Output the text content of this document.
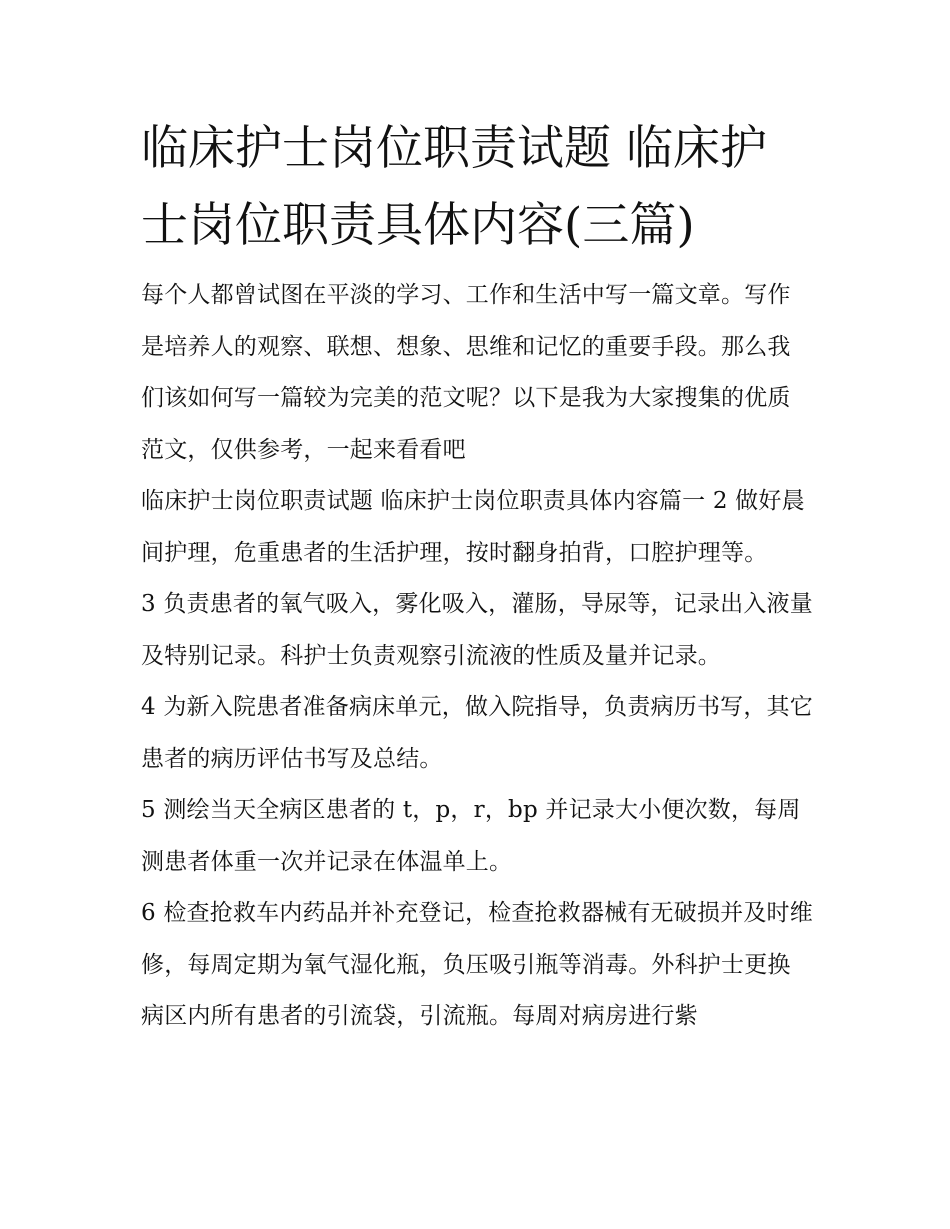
临床护士岗位职责试题 临床护士岗位职责具体内容(三篇)

每个人都曾试图在平淡的学习、工作和生活中写一篇文章。写作是培养人的观察、联想、想象、思维和记忆的重要手段。那么我们该如何写一篇较为完美的范文呢？以下是我为大家搜集的优质范文，仅供参考，一起来看看吧

临床护士岗位职责试题 临床护士岗位职责具体内容篇一 2 做好晨间护理，危重患者的生活护理，按时翻身拍背，口腔护理等。

3 负责患者的氧气吸入，雾化吸入，灌肠，导尿等，记录出入液量及特别记录。科护士负责观察引流液的性质及量并记录。

4 为新入院患者准备病床单元，做入院指导，负责病历书写，其它患者的病历评估书写及总结。

5 测绘当天全病区患者的 t，p，r，bp 并记录大小便次数，每周测患者体重一次并记录在体温单上。

6 检查抢救车内药品并补充登记，检查抢救器械有无破损并及时维修，每周定期为氧气湿化瓶，负压吸引瓶等消毒。外科护士更换病区内所有患者的引流袋，引流瓶。每周对病房进行紫
